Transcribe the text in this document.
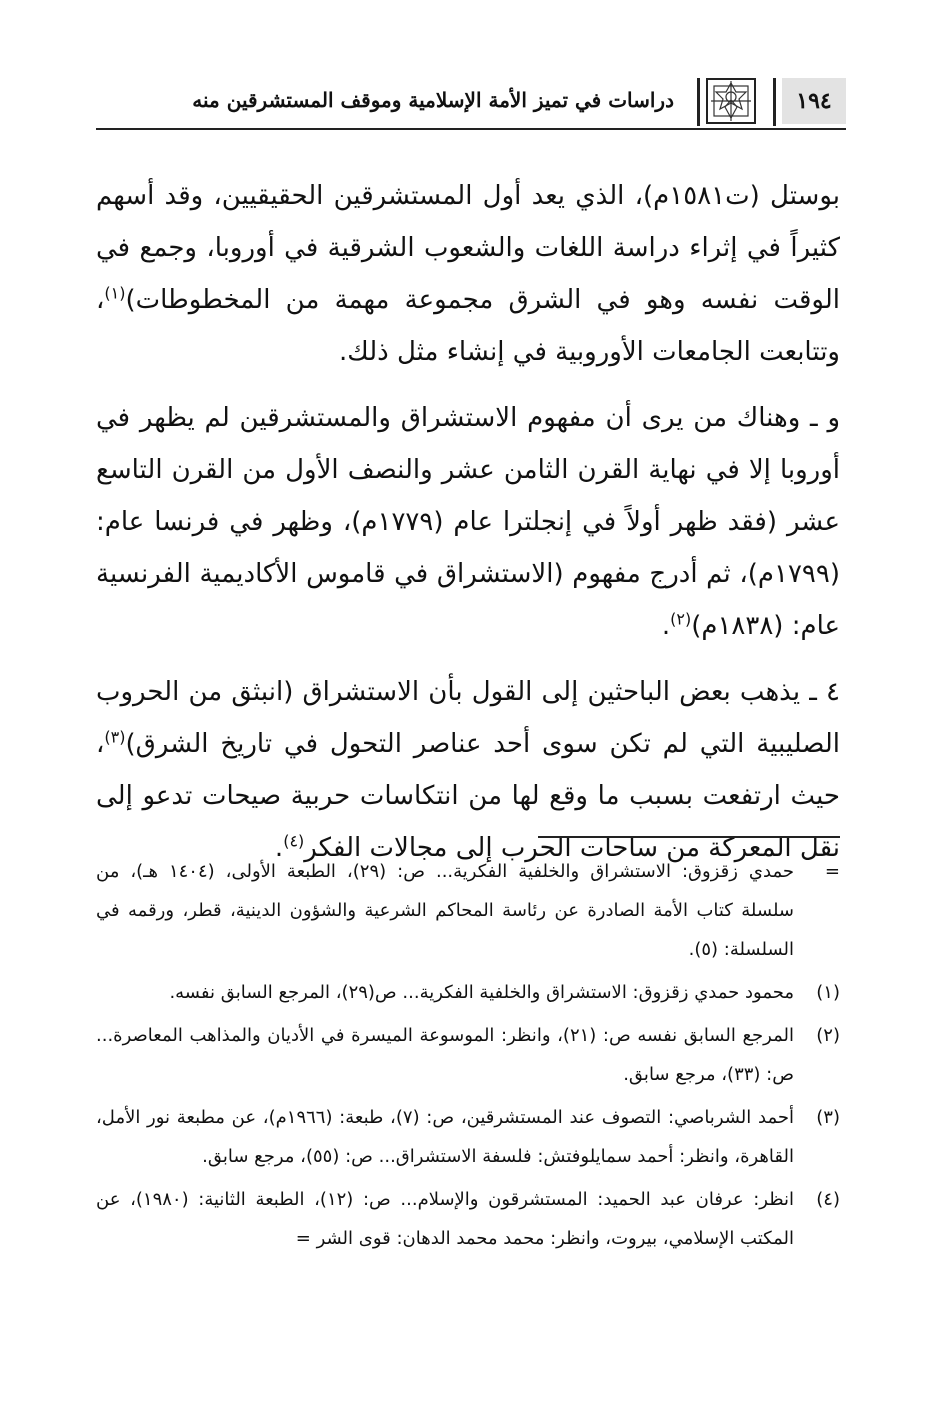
١٩٤
دراسات في تميز الأمة الإسلامية وموقف المستشرقين منه

بوستل (ت١٥٨١م)، الذي يعد أول المستشرقين الحقيقيين، وقد أسهم كثيراً في إثراء دراسة اللغات والشعوب الشرقية في أوروبا، وجمع في الوقت نفسه وهو في الشرق مجموعة مهمة من المخطوطات)$^{(١)}$، وتتابعت الجامعات الأوروبية في إنشاء مثل ذلك.

و ـ وهناك من يرى أن مفهوم الاستشراق والمستشرقين لم يظهر في أوروبا إلا في نهاية القرن الثامن عشر والنصف الأول من القرن التاسع عشر (فقد ظهر أولاً في إنجلترا عام (١٧٧٩م)، وظهر في فرنسا عام: (١٧٩٩م)، ثم أدرج مفهوم (الاستشراق في قاموس الأكاديمية الفرنسية عام: (١٨٣٨م)$^{(٢)}$.

٤ ـ يذهب بعض الباحثين إلى القول بأن الاستشراق (انبثق من الحروب الصليبية التي لم تكن سوى أحد عناصر التحول في تاريخ الشرق)$^{(٣)}$، حيث ارتفعت بسبب ما وقع لها من انتكاسات حربية صيحات تدعو إلى نقل المعركة من ساحات الحرب إلى مجالات الفكر$^{(٤)}$.

=
حمدي زقزوق: الاستشراق والخلفية الفكرية... ص: (٢٩)، الطبعة الأولى، (١٤٠٤ هـ)، من سلسلة كتاب الأمة الصادرة عن رئاسة المحاكم الشرعية والشؤون الدينية، قطر، ورقمه في السلسلة: (٥).
(١)
محمود حمدي زقزوق: الاستشراق والخلفية الفكرية... ص(٢٩)، المرجع السابق نفسه.
(٢)
المرجع السابق نفسه ص: (٢١)، وانظر: الموسوعة الميسرة في الأديان والمذاهب المعاصرة... ص: (٣٣)، مرجع سابق.
(٣)
أحمد الشرباصي: التصوف عند المستشرقين، ص: (٧)، طبعة: (١٩٦٦م)، عن مطبعة نور الأمل، القاهرة، وانظر: أحمد سمايلوفتش: فلسفة الاستشراق... ص: (٥٥)، مرجع سابق.
(٤)
انظر: عرفان عبد الحميد: المستشرقون والإسلام... ص: (١٢)، الطبعة الثانية: (١٩٨٠)، عن المكتب الإسلامي، بيروت، وانظر: محمد محمد الدهان: قوى الشر =
